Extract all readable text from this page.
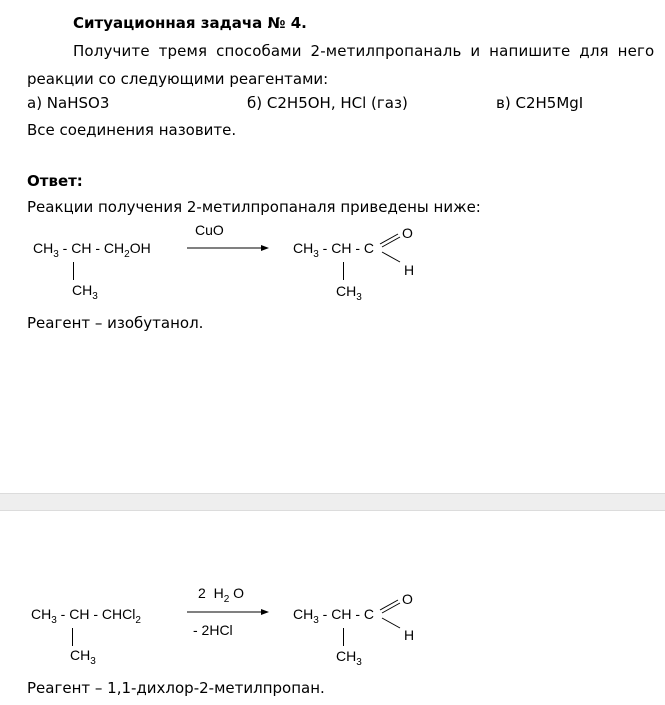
Ситуационная задача № 4.
Получите тремя способами 2-метилпропаналь и напишите для него
реакции со следующими реагентами:
а) NaHSO3	б) C2H5OH, HCl (газ)	в) C2H5MgI
Все соединения назовите.
Ответ:
Реакции получения 2-метилпропаналя приведены ниже:
$CH_3$ - CH - $CH_2OH$
$CH_3$
CuO
$CH_3$ - CH - C
O
H
$CH_3$
Реагент – изобутанол.
$CH_3$ - CH - CHCl$_2$
$CH_3$
2 $H_2$ O
- 2HCl
$CH_3$ - CH - C
O
H
$CH_3$
Реагент – 1,1-дихлор-2-метилпропан.
